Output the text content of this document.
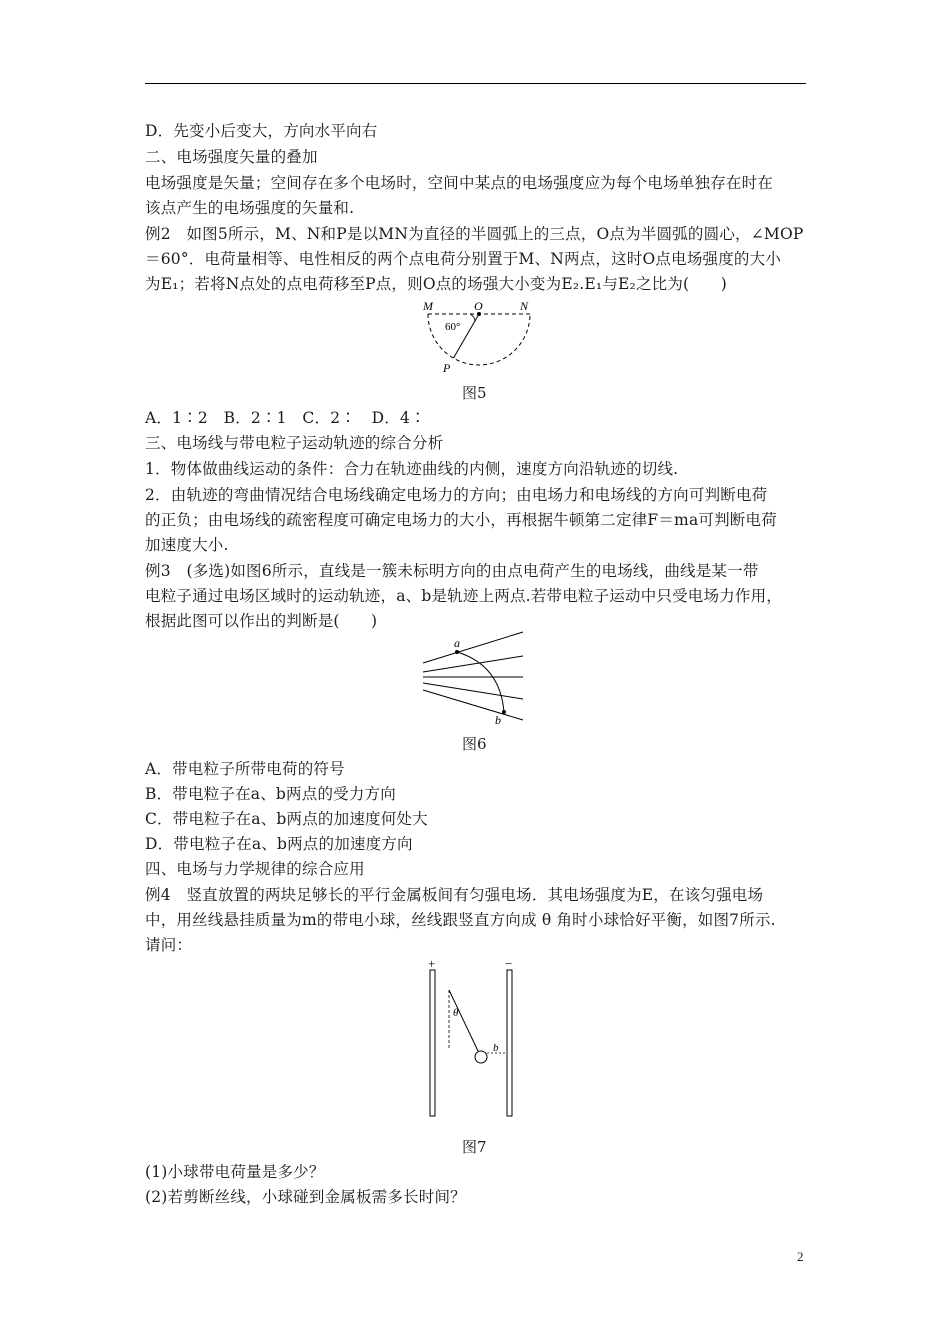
D．先变小后变大，方向水平向右
二、电场强度矢量的叠加
电场强度是矢量；空间存在多个电场时，空间中某点的电场强度应为每个电场单独存在时在
该点产生的电场强度的矢量和.
例2　如图5所示，M、N和P是以MN为直径的半圆弧上的三点，O点为半圆弧的圆心，∠MOP
＝60°．电荷量相等、电性相反的两个点电荷分别置于M、N两点，这时O点电场强度的大小
为E₁；若将N点处的点电荷移至P点，则O点的场强大小变为E₂.E₁与E₂之比为(　　)
M	O	N
60°
P
图5
A．1∶2　B．2∶1　C．2∶　D．4∶
三、电场线与带电粒子运动轨迹的综合分析
1．物体做曲线运动的条件：合力在轨迹曲线的内侧，速度方向沿轨迹的切线.
2．由轨迹的弯曲情况结合电场线确定电场力的方向；由电场力和电场线的方向可判断电荷
的正负；由电场线的疏密程度可确定电场力的大小，再根据牛顿第二定律F＝ma可判断电荷
加速度大小.
例3　(多选)如图6所示，直线是一簇未标明方向的由点电荷产生的电场线，曲线是某一带
电粒子通过电场区域时的运动轨迹，a、b是轨迹上两点.若带电粒子运动中只受电场力作用，
根据此图可以作出的判断是(　　)
a
b
图6
A．带电粒子所带电荷的符号
B．带电粒子在a、b两点的受力方向
C．带电粒子在a、b两点的加速度何处大
D．带电粒子在a、b两点的加速度方向
四、电场与力学规律的综合应用
例4　竖直放置的两块足够长的平行金属板间有匀强电场．其电场强度为E，在该匀强电场
中，用丝线悬挂质量为m的带电小球，丝线跟竖直方向成 θ 角时小球恰好平衡，如图7所示.
请问：
+	−
θ
b
图7
(1)小球带电荷量是多少？
(2)若剪断丝线，小球碰到金属板需多长时间？
2
